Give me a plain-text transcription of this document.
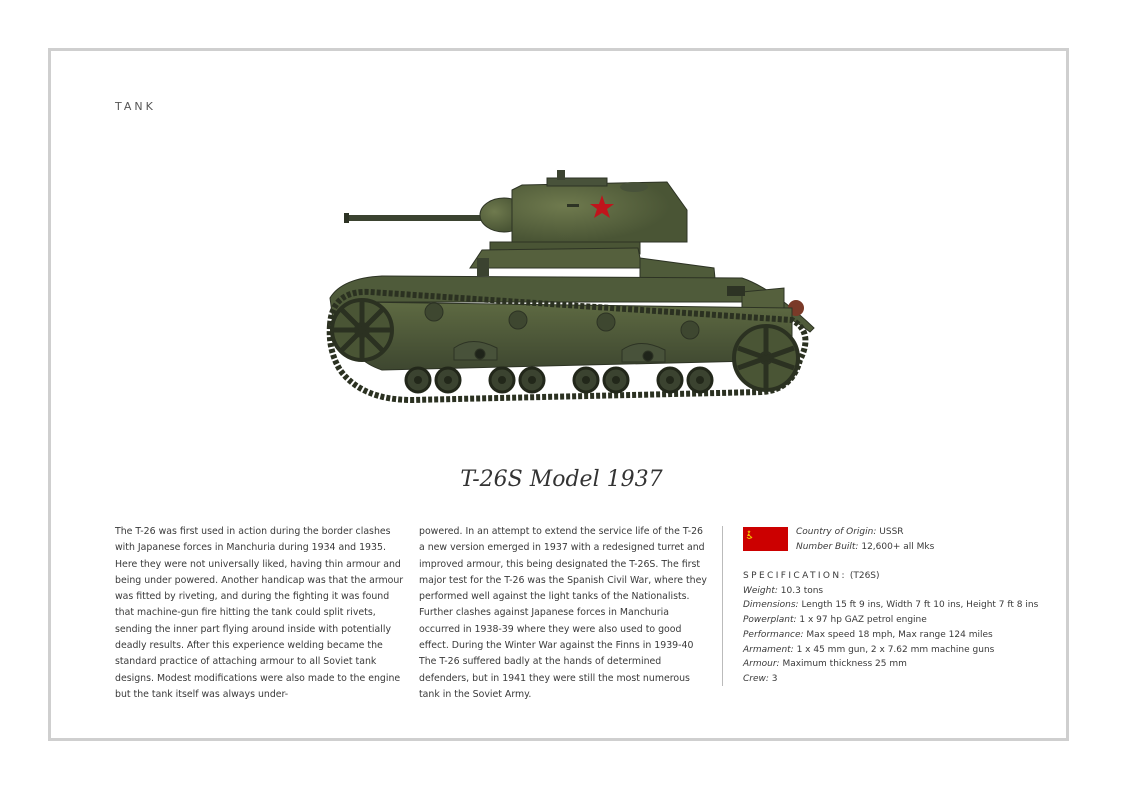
TANK
T-26S Model 1937

The T-26 was first used in action during the border clashes with Japanese forces in Manchuria during 1934 and 1935. Here they were not universally liked, having thin armour and being under powered. Another handicap was that the armour was fitted by riveting, and during the fighting it was found that machine-gun fire hitting the tank could split rivets, sending the inner part flying around inside with potentially deadly results. After this experience welding became the standard practice of attaching armour to all Soviet tank designs. Modest modifications were also made to the engine but the tank itself was always under-

powered. In an attempt to extend the service life of the T-26 a new version emerged in 1937 with a redesigned turret and improved armour, this being designated the T-26S. The first major test for the T-26 was the Spanish Civil War, where they performed well against the light tanks of the Nationalists. Further clashes against Japanese forces in Manchuria occurred in 1938-39 where they were also used to good effect. During the Winter War against the Finns in 1939-40 The T-26 suffered badly at the hands of determined defenders, but in 1941 they were still the most numerous tank in the Soviet Army.

Country of Origin: USSR
Number Built: 12,600+ all Mks
SPECIFICATION: (T26S)
Weight: 10.3 tons
Dimensions: Length 15 ft 9 ins, Width 7 ft 10 ins, Height 7 ft 8 ins
Powerplant: 1 x 97 hp GAZ petrol engine
Performance: Max speed 18 mph, Max range 124 miles
Armament: 1 x 45 mm gun, 2 x 7.62 mm machine guns
Armour: Maximum thickness 25 mm
Crew: 3
